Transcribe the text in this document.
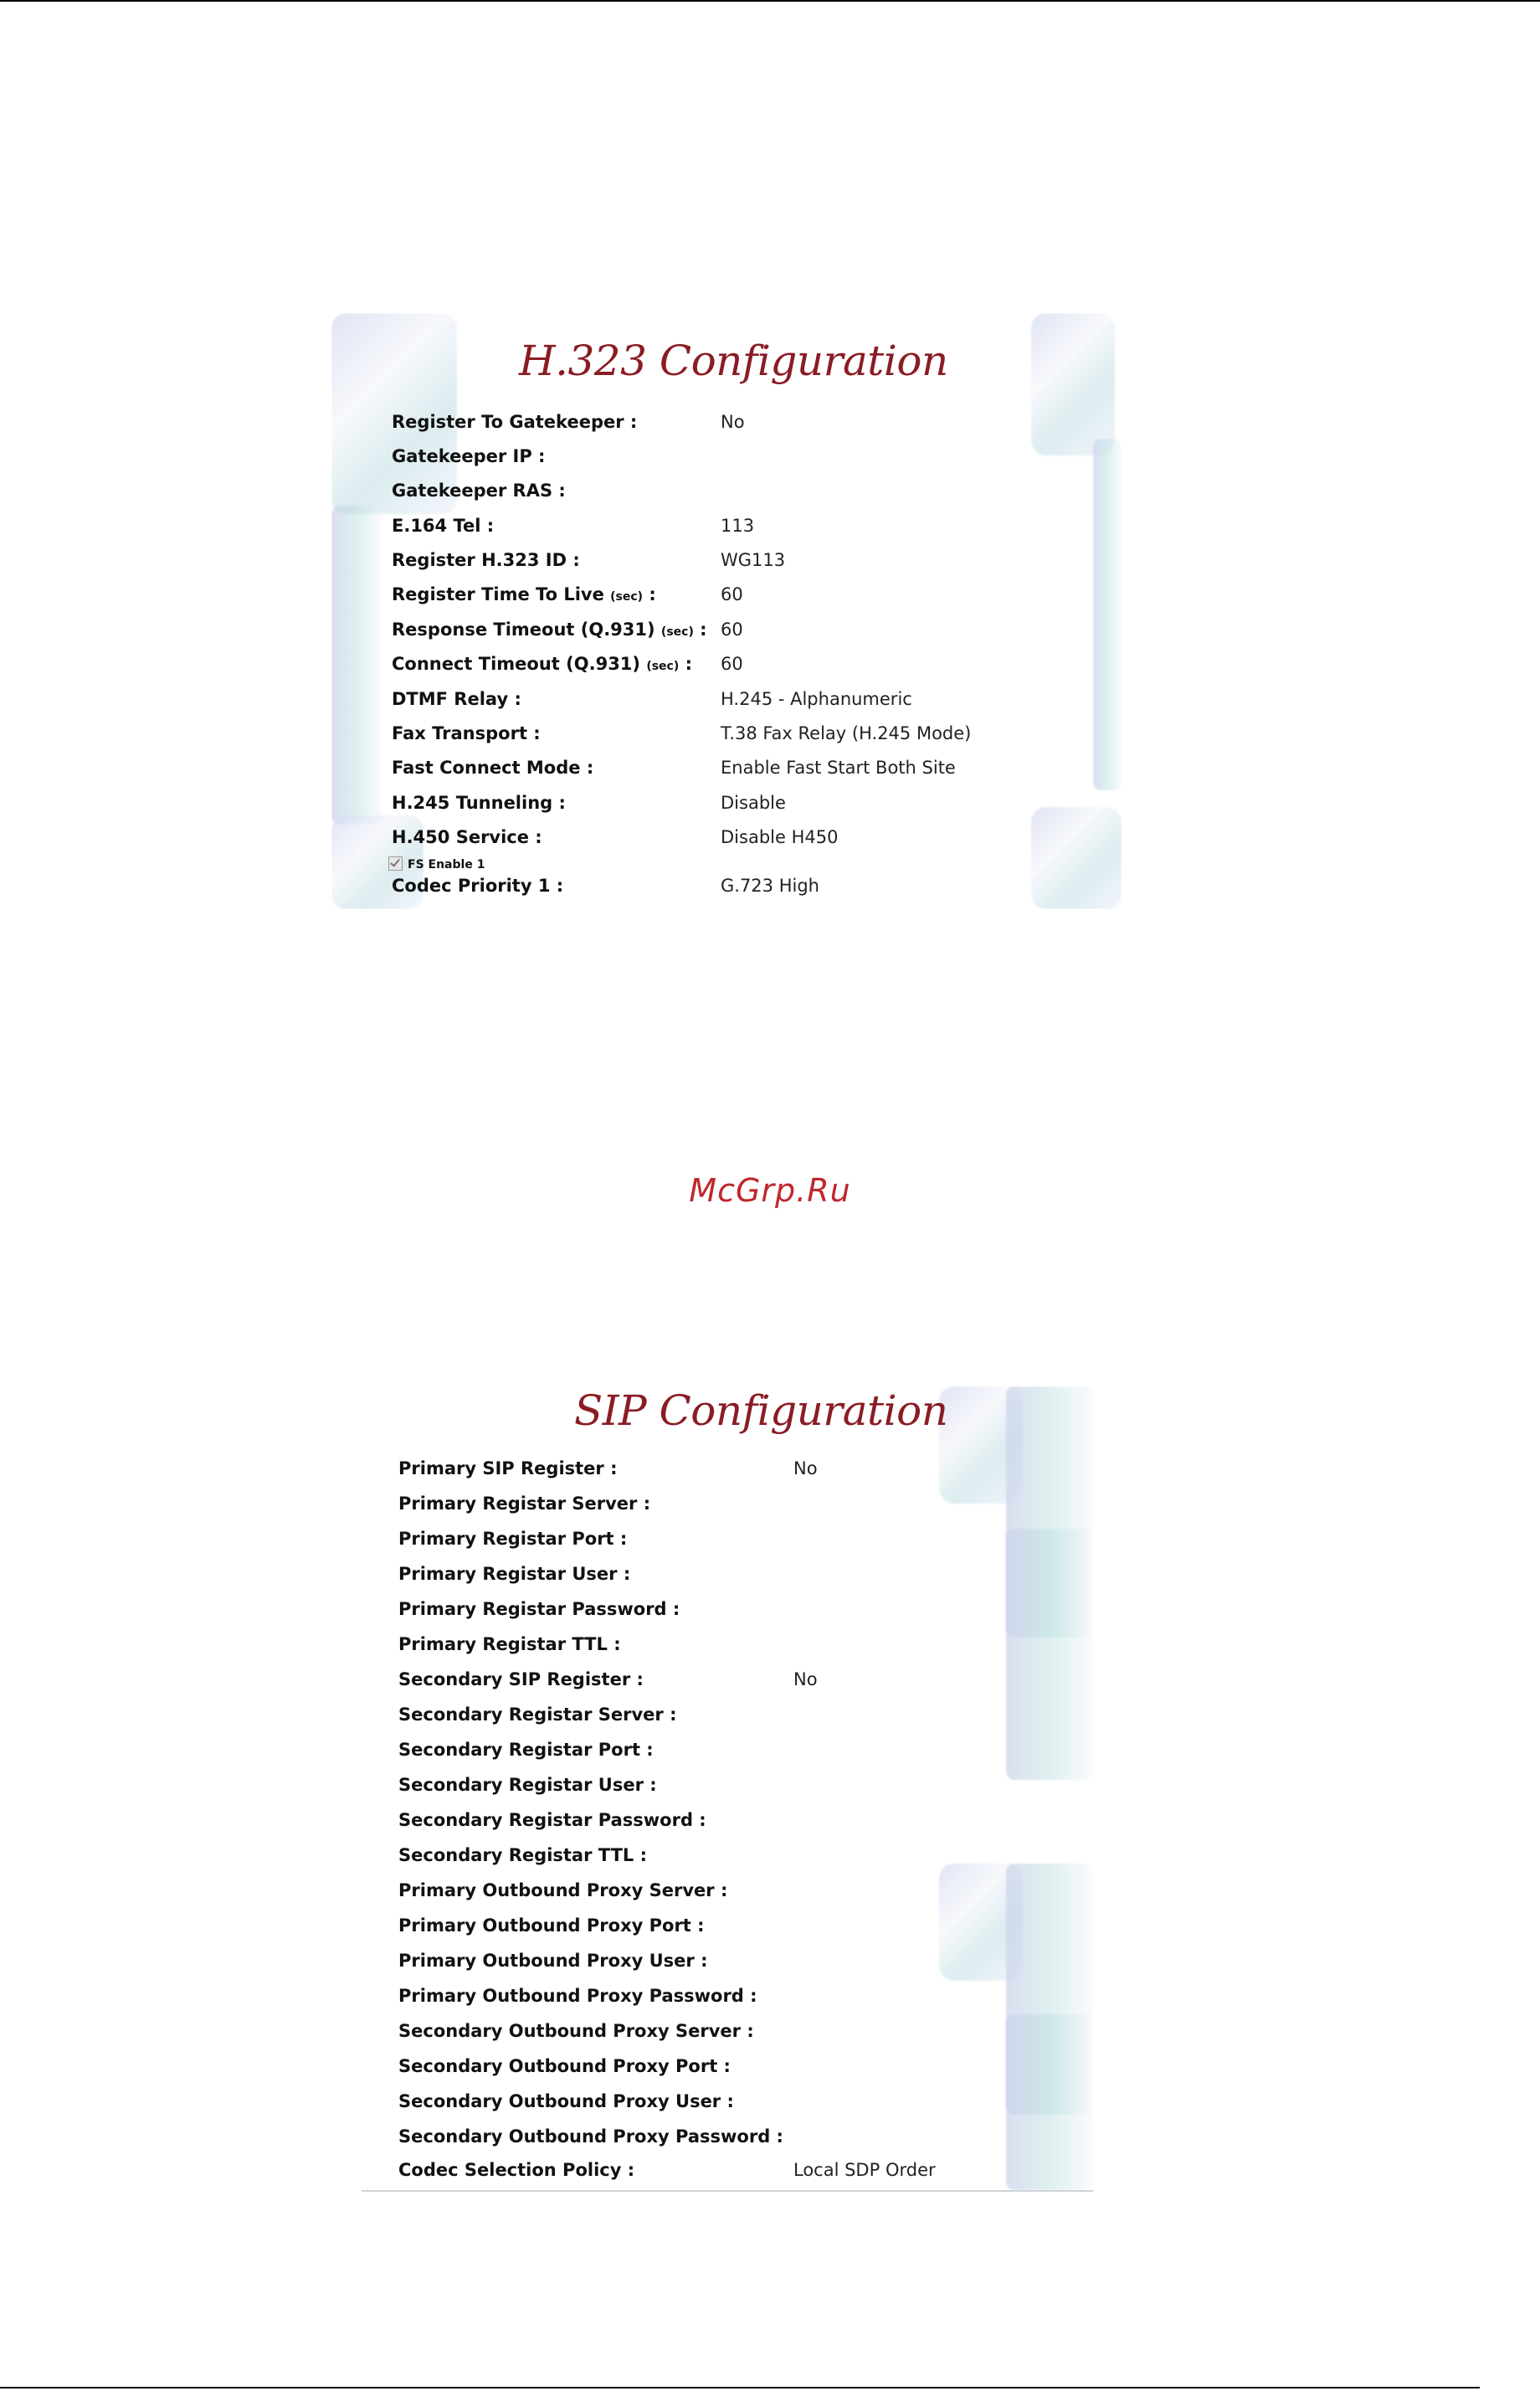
H.323 Configuration
Register To Gatekeeper :	No
Gatekeeper IP :
Gatekeeper RAS :
E.164 Tel :	113
Register H.323 ID :	WG113
Register Time To Live (sec) :	60
Response Timeout (Q.931) (sec) : 60
Connect Timeout (Q.931) (sec) : 60
DTMF Relay :	H.245 - Alphanumeric
Fax Transport :	T.38 Fax Relay (H.245 Mode)
Fast Connect Mode :	Enable Fast Start Both Site
H.245 Tunneling :	Disable
H.450 Service :	Disable H450
FS Enable 1
Codec Priority 1 :	G.723 High
McGrp.Ru
SIP Configuration
Primary SIP Register :	No
Primary Registar Server :
Primary Registar Port :
Primary Registar User :
Primary Registar Password :
Primary Registar TTL :
Secondary SIP Register :	No
Secondary Registar Server :
Secondary Registar Port :
Secondary Registar User :
Secondary Registar Password :
Secondary Registar TTL :
Primary Outbound Proxy Server :
Primary Outbound Proxy Port :
Primary Outbound Proxy User :
Primary Outbound Proxy Password :
Secondary Outbound Proxy Server :
Secondary Outbound Proxy Port :
Secondary Outbound Proxy User :
Secondary Outbound Proxy Password :
Codec Selection Policy :	Local SDP Order
